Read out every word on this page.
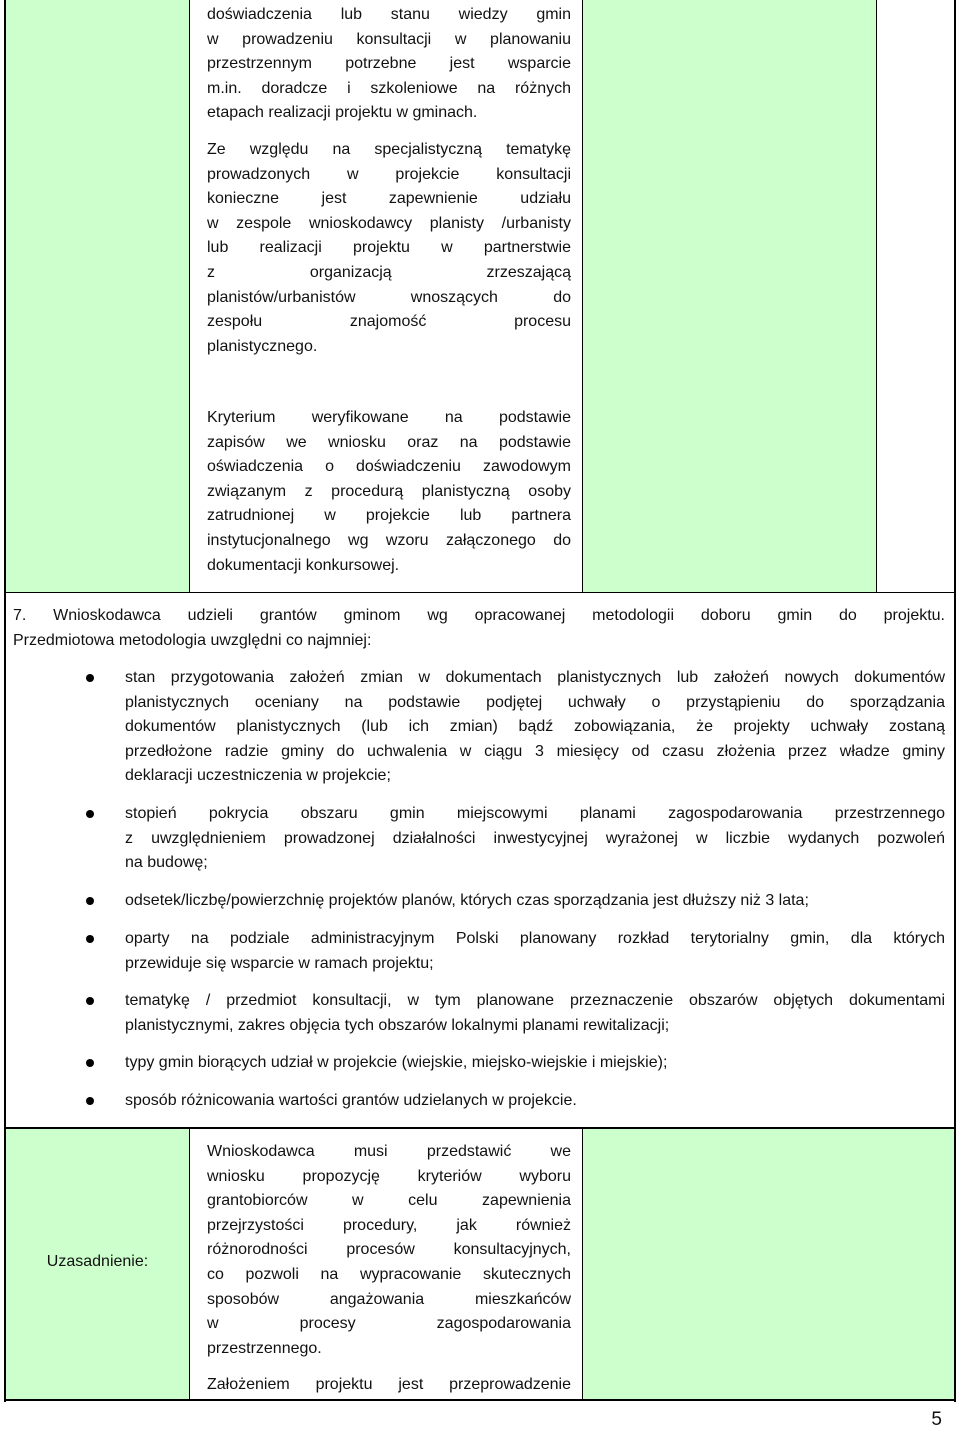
doświadczenia lub stanu wiedzy gmin
w prowadzeniu konsultacji w planowaniu
przestrzennym potrzebne jest wsparcie
m.in. doradcze i szkoleniowe na różnych
etapach realizacji projektu w gminach.
Ze względu na specjalistyczną tematykę
prowadzonych w projekcie konsultacji
konieczne jest zapewnienie udziału
w zespole wnioskodawcy planisty /urbanisty
lub realizacji projektu w partnerstwie
z organizacją zrzeszającą
planistów/urbanistów wnoszących do
zespołu znajomość procesu
planistycznego.
Kryterium weryfikowane na podstawie
zapisów we wniosku oraz na podstawie
oświadczenia o doświadczeniu zawodowym
związanym z procedurą planistyczną osoby
zatrudnionej w projekcie lub partnera
instytucjonalnego wg wzoru załączonego do
dokumentacji konkursowej.
7. Wnioskodawca udzieli grantów gminom wg opracowanej metodologii doboru gmin do projektu.
Przedmiotowa metodologia uwzględni co najmniej:
stan przygotowania założeń zmian w dokumentach planistycznych lub założeń nowych dokumentów
planistycznych oceniany na podstawie podjętej uchwały o przystąpieniu do sporządzania
dokumentów planistycznych (lub ich zmian) bądź zobowiązania, że projekty uchwały zostaną
przedłożone radzie gminy do uchwalenia w ciągu 3 miesięcy od czasu złożenia przez władze gminy
deklaracji uczestniczenia w projekcie;
stopień pokrycia obszaru gmin miejscowymi planami zagospodarowania przestrzennego
z uwzględnieniem prowadzonej działalności inwestycyjnej wyrażonej w liczbie wydanych pozwoleń
na budowę;
odsetek/liczbę/powierzchnię projektów planów, których czas sporządzania jest dłuższy niż 3 lata;
oparty na podziale administracyjnym Polski planowany rozkład terytorialny gmin, dla których
przewiduje się wsparcie w ramach projektu;
tematykę / przedmiot konsultacji, w tym planowane przeznaczenie obszarów objętych dokumentami
planistycznymi, zakres objęcia tych obszarów lokalnymi planami rewitalizacji;
typy gmin biorących udział w projekcie (wiejskie, miejsko-wiejskie i miejskie);
sposób różnicowania wartości grantów udzielanych w projekcie.
Uzasadnienie:
Wnioskodawca musi przedstawić we
wniosku propozycję kryteriów wyboru
grantobiorców w celu zapewnienia
przejrzystości procedury, jak również
różnorodności procesów konsultacyjnych,
co pozwoli na wypracowanie skutecznych
sposobów angażowania mieszkańców
w procesy zagospodarowania
przestrzennego.
Założeniem projektu jest przeprowadzenie
5
